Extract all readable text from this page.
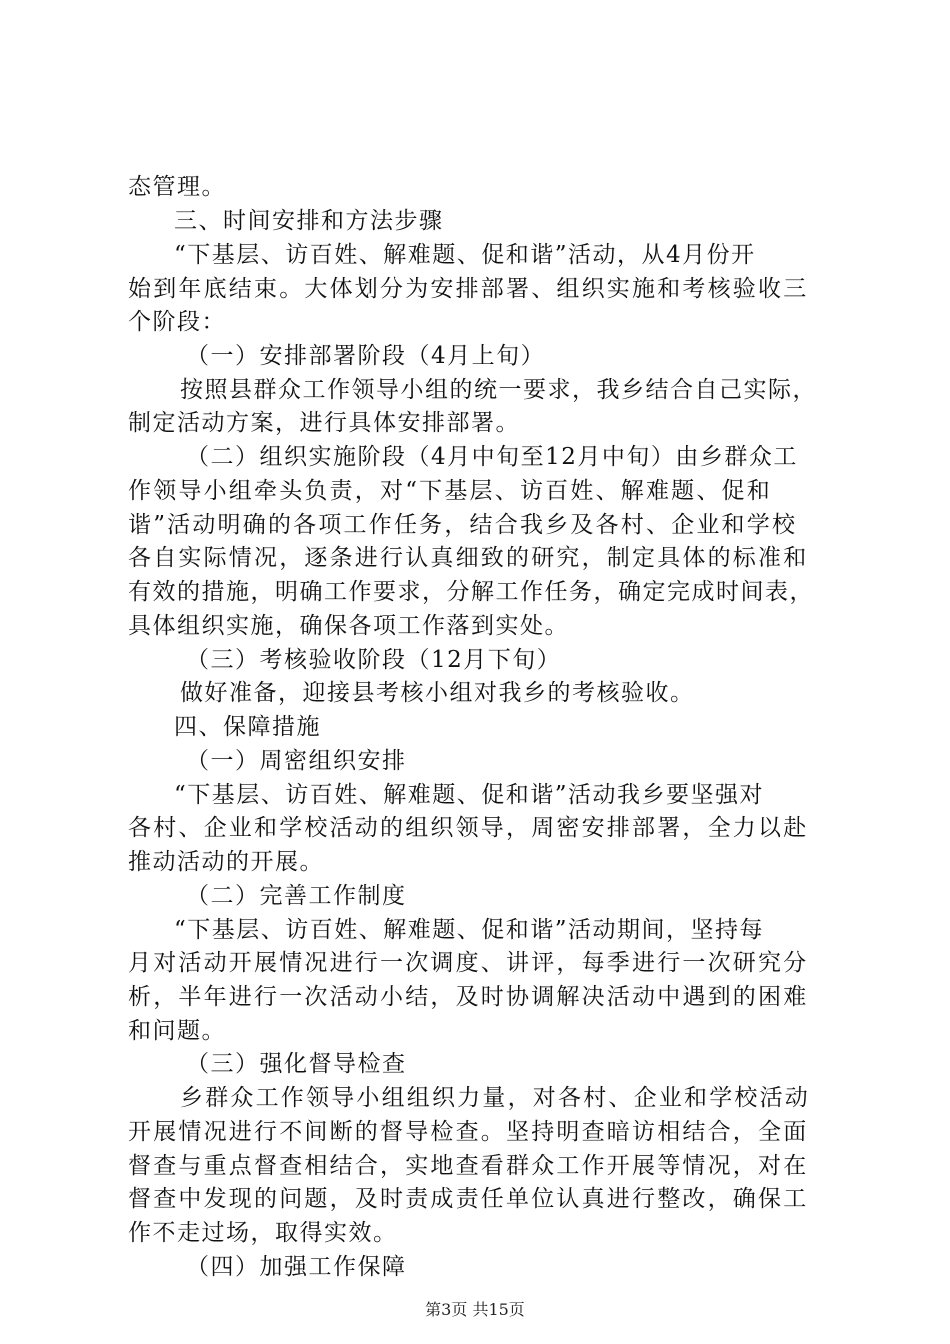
态管理。
三、时间安排和方法步骤
“下基层、访百姓、解难题、促和谐”活动，从4月份开
始到年底结束。大体划分为安排部署、组织实施和考核验收三
个阶段：
（一）安排部署阶段（4月上旬）
按照县群众工作领导小组的统一要求，我乡结合自己实际，
制定活动方案，进行具体安排部署。
（二）组织实施阶段（4月中旬至12月中旬）由乡群众工
作领导小组牵头负责，对“下基层、访百姓、解难题、促和
谐”活动明确的各项工作任务，结合我乡及各村、企业和学校
各自实际情况，逐条进行认真细致的研究，制定具体的标准和
有效的措施，明确工作要求，分解工作任务，确定完成时间表，
具体组织实施，确保各项工作落到实处。
（三）考核验收阶段（12月下旬）
做好准备，迎接县考核小组对我乡的考核验收。
四、保障措施
（一）周密组织安排
“下基层、访百姓、解难题、促和谐”活动我乡要坚强对
各村、企业和学校活动的组织领导，周密安排部署，全力以赴
推动活动的开展。
（二）完善工作制度
“下基层、访百姓、解难题、促和谐”活动期间，坚持每
月对活动开展情况进行一次调度、讲评，每季进行一次研究分
析，半年进行一次活动小结，及时协调解决活动中遇到的困难
和问题。
（三）强化督导检查
乡群众工作领导小组组织力量，对各村、企业和学校活动
开展情况进行不间断的督导检查。坚持明查暗访相结合，全面
督查与重点督查相结合，实地查看群众工作开展等情况，对在
督查中发现的问题，及时责成责任单位认真进行整改，确保工
作不走过场，取得实效。
（四）加强工作保障
第3页 共15页
